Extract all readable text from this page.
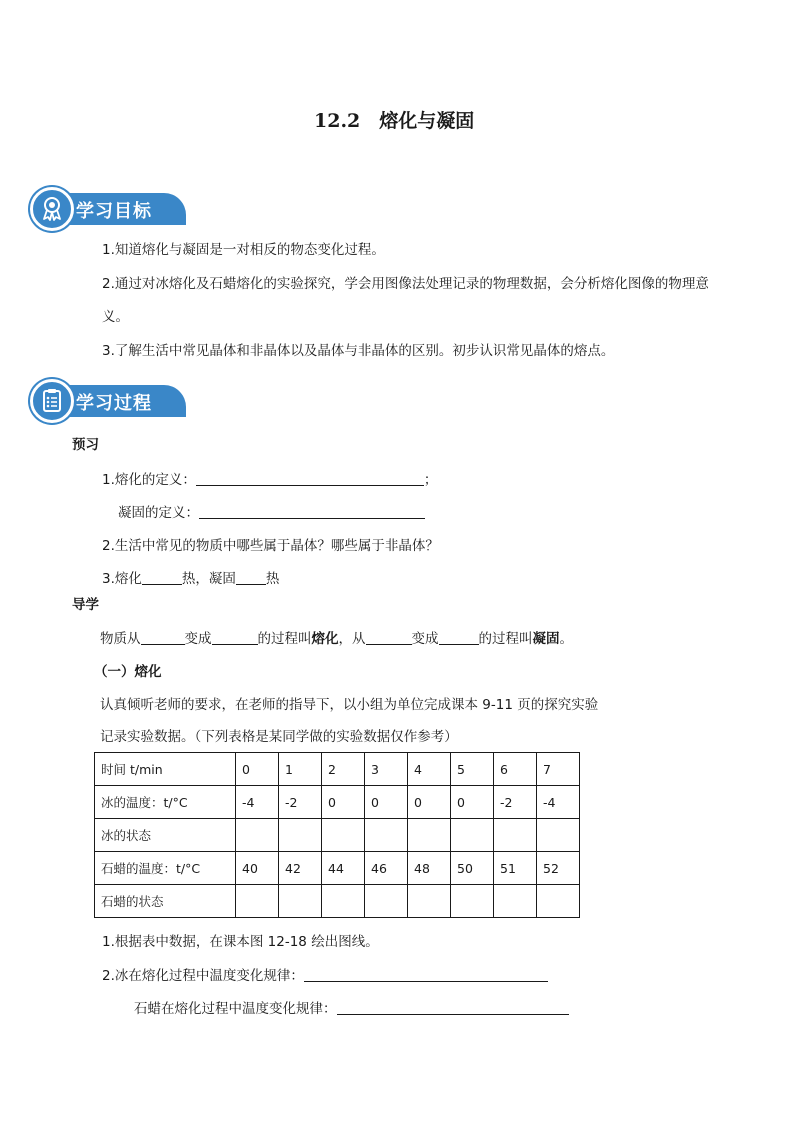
12.2　熔化与凝固
学习目标
1.知道熔化与凝固是一对相反的物态变化过程。
2.通过对冰熔化及石蜡熔化的实验探究，学会用图像法处理记录的物理数据，会分析熔化图像的物理意
义。
3.了解生活中常见晶体和非晶体以及晶体与非晶体的区别。初步认识常见晶体的熔点。
学习过程
预习
1.熔化的定义：	；
凝固的定义：
2.生活中常见的物质中哪些属于晶体？哪些属于非晶体？
3.熔化	热，凝固 热
导学
物质从	变成	的过程叫熔化，从	变成	的过程叫凝固。
（一）熔化
认真倾听老师的要求，在老师的指导下，以小组为单位完成课本 9-11 页的探究实验
记录实验数据。（下列表格是某同学做的实验数据仅作参考）
时间 t/min	0	1	2	3	4	5	6	7
冰的温度：t/°C	-4	-2	0	0	0	0	-2	-4
冰的状态								
石蜡的温度：t/°C	40	42	44	46	48	50	51	52
石蜡的状态								
1.根据表中数据，在课本图 12-18 绘出图线。
2.冰在熔化过程中温度变化规律：
石蜡在熔化过程中温度变化规律：
